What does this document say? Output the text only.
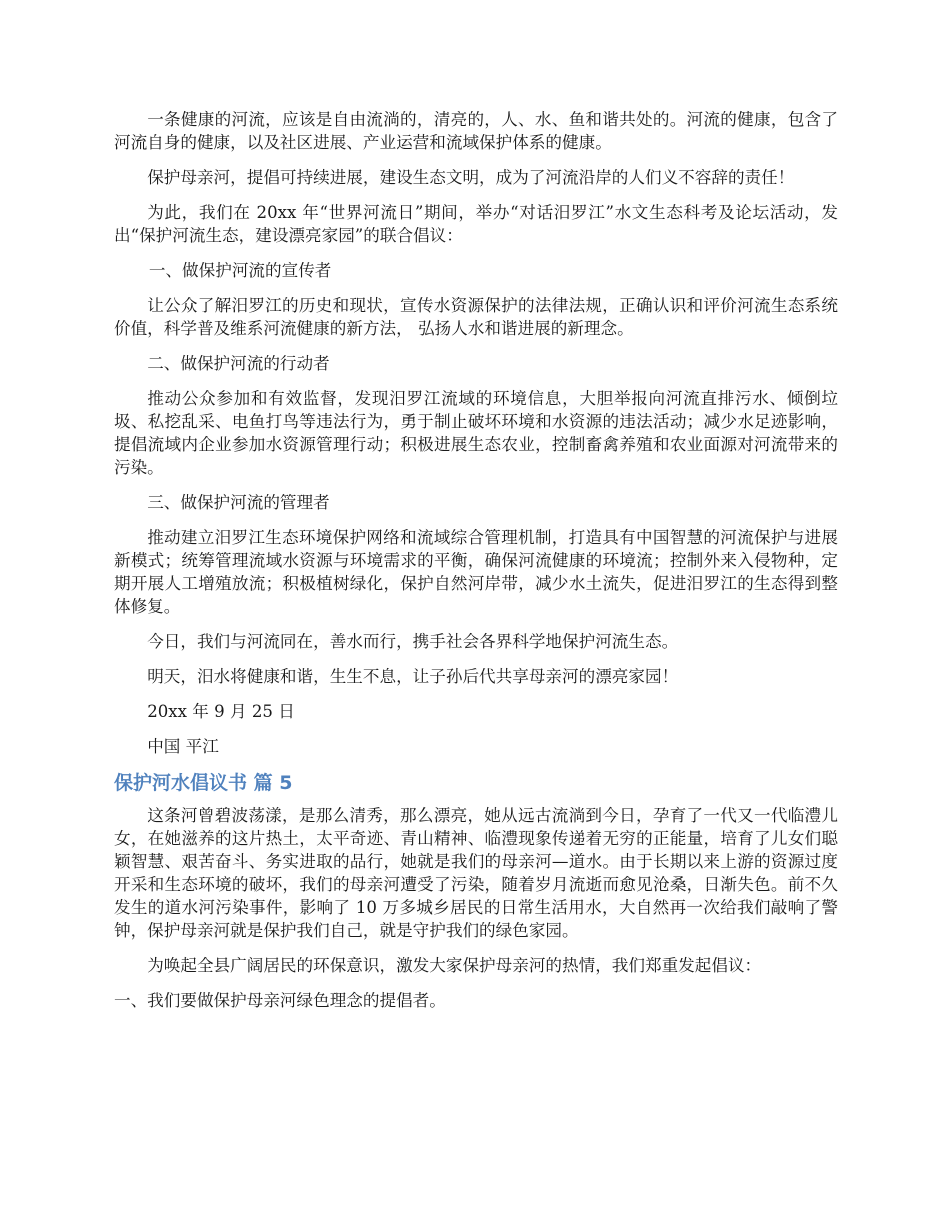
一条健康的河流，应该是自由流淌的，清亮的，人、水、鱼和谐共处的。河流的健康，包含了河流自身的健康，以及社区进展、产业运营和流域保护体系的健康。

保护母亲河，提倡可持续进展，建设生态文明，成为了河流沿岸的人们义不容辞的责任！

为此，我们在 20xx 年“世界河流日”期间，举办“对话汨罗江”水文生态科考及论坛活动，发出“保护河流生态，建设漂亮家园”的联合倡议：

一、做保护河流的宣传者

让公众了解汨罗江的历史和现状，宣传水资源保护的法律法规，正确认识和评价河流生态系统价值，科学普及维系河流健康的新方法， 弘扬人水和谐进展的新理念。

二、做保护河流的行动者

推动公众参加和有效监督，发现汨罗江流域的环境信息，大胆举报向河流直排污水、倾倒垃圾、私挖乱采、电鱼打鸟等违法行为，勇于制止破坏环境和水资源的违法活动；减少水足迹影响，提倡流域内企业参加水资源管理行动；积极进展生态农业，控制畜禽养殖和农业面源对河流带来的污染。

三、做保护河流的管理者

推动建立汨罗江生态环境保护网络和流域综合管理机制，打造具有中国智慧的河流保护与进展新模式；统筹管理流域水资源与环境需求的平衡，确保河流健康的环境流；控制外来入侵物种，定期开展人工增殖放流；积极植树绿化，保护自然河岸带，减少水土流失，促进汨罗江的生态得到整体修复。

今日，我们与河流同在，善水而行，携手社会各界科学地保护河流生态。

明天，汨水将健康和谐，生生不息，让子孙后代共享母亲河的漂亮家园！

20xx 年 9 月 25 日

中国 平江

保护河水倡议书 篇 5

这条河曾碧波荡漾，是那么清秀，那么漂亮，她从远古流淌到今日，孕育了一代又一代临澧儿女，在她滋养的这片热土，太平奇迹、青山精神、临澧现象传递着无穷的正能量，培育了儿女们聪颖智慧、艰苦奋斗、务实进取的品行，她就是我们的母亲河—道水。由于长期以来上游的资源过度开采和生态环境的破坏，我们的母亲河遭受了污染，随着岁月流逝而愈见沧桑，日渐失色。前不久发生的道水河污染事件，影响了 10 万多城乡居民的日常生活用水，大自然再一次给我们敲响了警钟，保护母亲河就是保护我们自己，就是守护我们的绿色家园。

为唤起全县广阔居民的环保意识，激发大家保护母亲河的热情，我们郑重发起倡议：

一、我们要做保护母亲河绿色理念的提倡者。
